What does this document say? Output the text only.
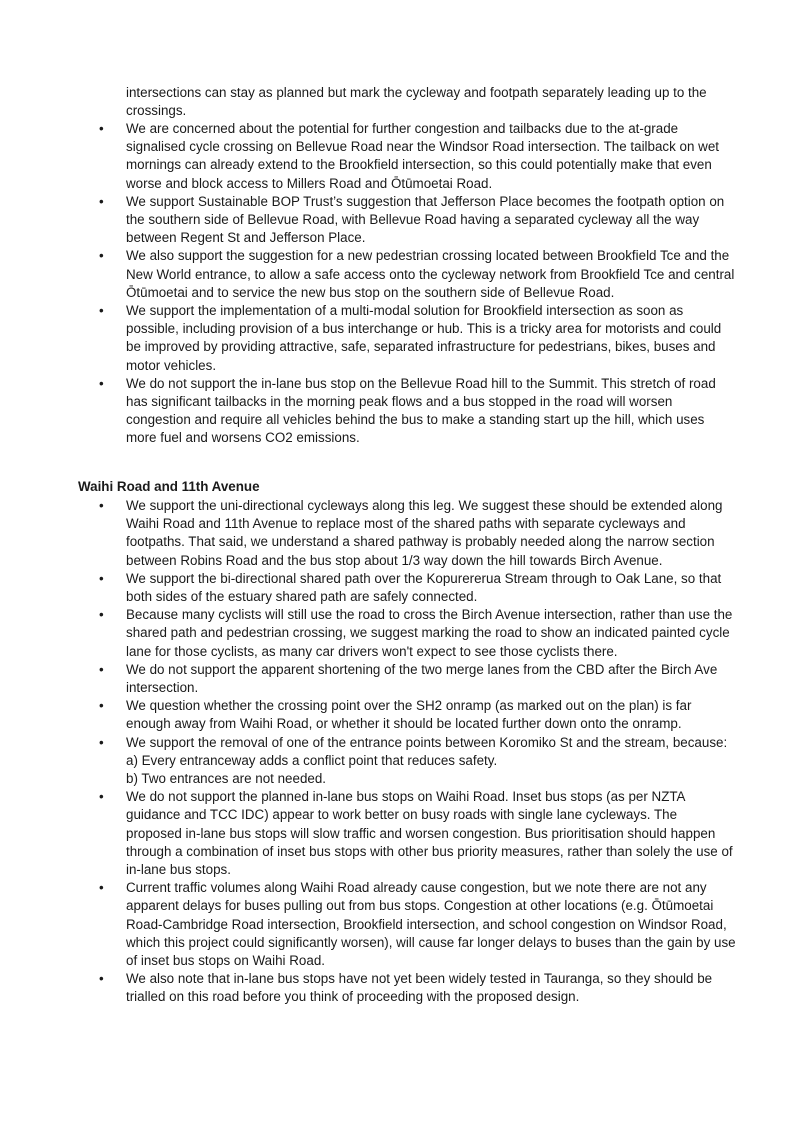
intersections can stay as planned but mark the cycleway and footpath separately leading up to the crossings.
• We are concerned about the potential for further congestion and tailbacks due to the at-grade signalised cycle crossing on Bellevue Road near the Windsor Road intersection. The tailback on wet mornings can already extend to the Brookfield intersection, so this could potentially make that even worse and block access to Millers Road and Ōtūmoetai Road.
• We support Sustainable BOP Trust’s suggestion that Jefferson Place becomes the footpath option on the southern side of Bellevue Road, with Bellevue Road having a separated cycleway all the way between Regent St and Jefferson Place.
• We also support the suggestion for a new pedestrian crossing located between Brookfield Tce and the New World entrance, to allow a safe access onto the cycleway network from Brookfield Tce and central Ōtūmoetai and to service the new bus stop on the southern side of Bellevue Road.
• We support the implementation of a multi-modal solution for Brookfield intersection as soon as possible, including provision of a bus interchange or hub. This is a tricky area for motorists and could be improved by providing attractive, safe, separated infrastructure for pedestrians, bikes, buses and motor vehicles.
• We do not support the in-lane bus stop on the Bellevue Road hill to the Summit. This stretch of road has significant tailbacks in the morning peak flows and a bus stopped in the road will worsen congestion and require all vehicles behind the bus to make a standing start up the hill, which uses more fuel and worsens CO2 emissions.
Waihi Road and 11th Avenue
• We support the uni-directional cycleways along this leg. We suggest these should be extended along Waihi Road and 11th Avenue to replace most of the shared paths with separate cycleways and footpaths. That said, we understand a shared pathway is probably needed along the narrow section between Robins Road and the bus stop about 1/3 way down the hill towards Birch Avenue.
• We support the bi-directional shared path over the Kopurererua Stream through to Oak Lane, so that both sides of the estuary shared path are safely connected.
• Because many cyclists will still use the road to cross the Birch Avenue intersection, rather than use the shared path and pedestrian crossing, we suggest marking the road to show an indicated painted cycle lane for those cyclists, as many car drivers won't expect to see those cyclists there.
• We do not support the apparent shortening of the two merge lanes from the CBD after the Birch Ave intersection.
• We question whether the crossing point over the SH2 onramp (as marked out on the plan) is far enough away from Waihi Road, or whether it should be located further down onto the onramp.
• We support the removal of one of the entrance points between Koromiko St and the stream, because:
a) Every entranceway adds a conflict point that reduces safety.
b) Two entrances are not needed.
• We do not support the planned in-lane bus stops on Waihi Road. Inset bus stops (as per NZTA guidance and TCC IDC) appear to work better on busy roads with single lane cycleways. The proposed in-lane bus stops will slow traffic and worsen congestion. Bus prioritisation should happen through a combination of inset bus stops with other bus priority measures, rather than solely the use of in-lane bus stops.
• Current traffic volumes along Waihi Road already cause congestion, but we note there are not any apparent delays for buses pulling out from bus stops. Congestion at other locations (e.g. Ōtūmoetai Road-Cambridge Road intersection, Brookfield intersection, and school congestion on Windsor Road, which this project could significantly worsen), will cause far longer delays to buses than the gain by use of inset bus stops on Waihi Road.
• We also note that in-lane bus stops have not yet been widely tested in Tauranga, so they should be trialled on this road before you think of proceeding with the proposed design.
